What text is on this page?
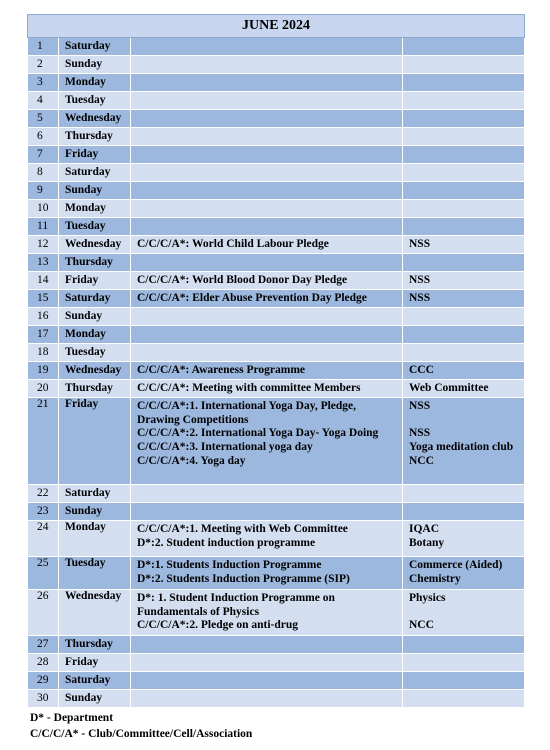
JUNE 2024			
1	Saturday		
2	Sunday		
3	Monday		
4	Tuesday		
5	Wednesday		
6	Thursday		
7	Friday		
8	Saturday		
9	Sunday		
10	Monday		
11	Tuesday		
12	Wednesday	C/C/C/A*: World Child Labour Pledge	NSS
13	Thursday		
14	Friday	C/C/C/A*: World Blood Donor Day Pledge	NSS
15	Saturday	C/C/C/A*: Elder Abuse Prevention Day Pledge	NSS
16	Sunday		
17	Monday		
18	Tuesday		
19	Wednesday	C/C/C/A*: Awareness Programme	CCC
20	Thursday	C/C/C/A*: Meeting with committee Members	Web Committee
21	Friday	C/C/C/A*:1. International Yoga Day, Pledge,
Drawing Competitions
C/C/C/A*:2. International Yoga Day- Yoga Doing
C/C/C/A*:3. International yoga day
C/C/C/A*:4. Yoga day	NSS

NSS
Yoga meditation club
NCC
22	Saturday		
23	Sunday		
24	Monday	C/C/C/A*:1. Meeting with Web Committee
D*:2. Student induction programme	IQAC
Botany
25	Tuesday	D*:1. Students Induction Programme
D*:2. Students Induction Programme (SIP)	Commerce (Aided)
Chemistry
26	Wednesday	D*: 1. Student Induction Programme on
Fundamentals of Physics
C/C/C/A*:2. Pledge on anti-drug	Physics

NCC
27	Thursday		
28	Friday		
29	Saturday		
30	Sunday		
D* - Department
C/C/C/A* - Club/Committee/Cell/Association
